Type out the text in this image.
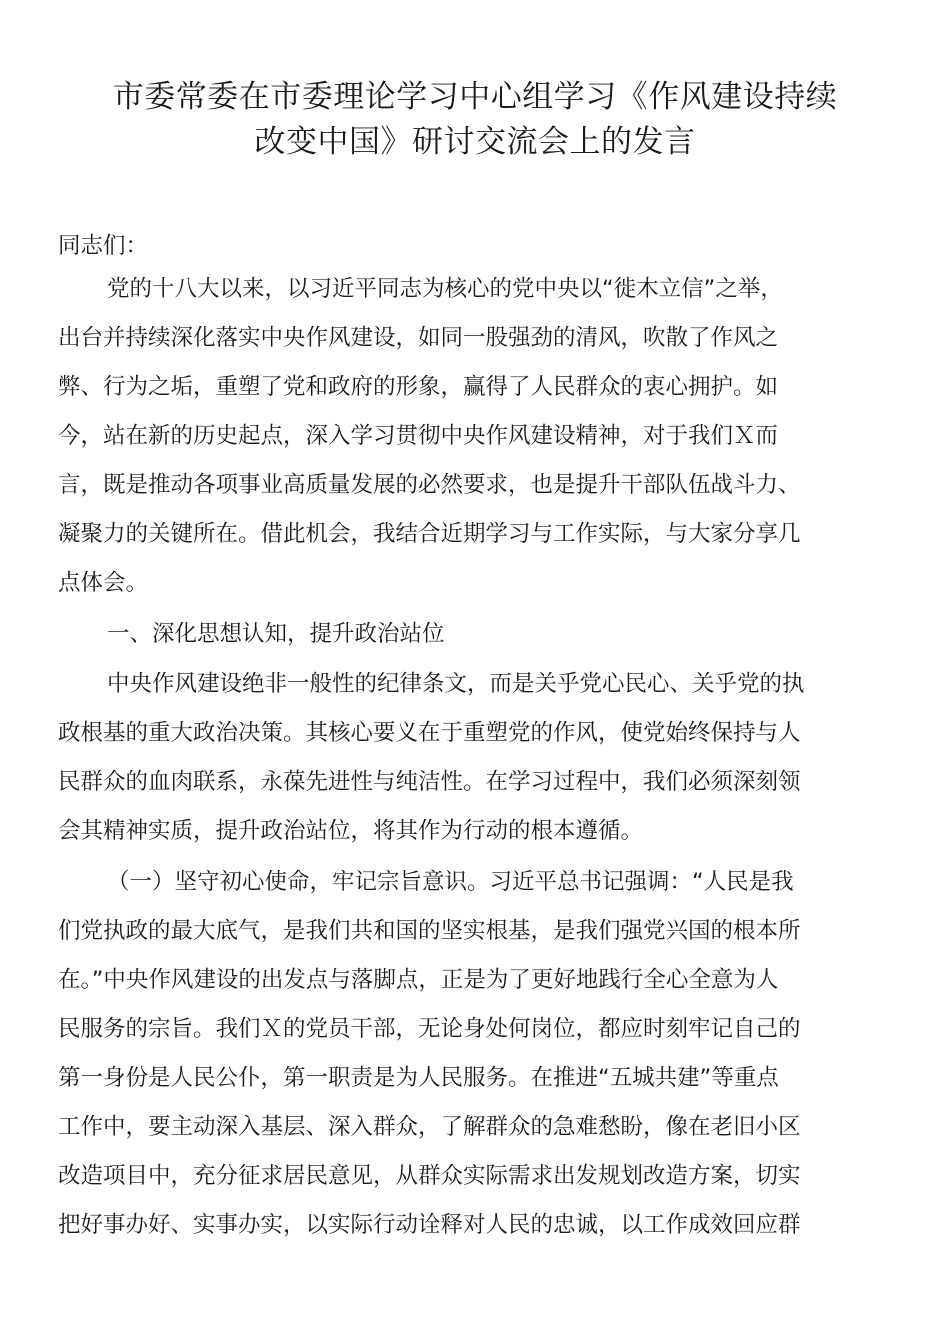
市委常委在市委理论学习中心组学习《作风建设持续
改变中国》研讨交流会上的发言

同志们：

党的十八大以来，以习近平同志为核心的党中央以“徙木立信”之举，

出台并持续深化落实中央作风建设，如同一股强劲的清风，吹散了作风之

弊、行为之垢，重塑了党和政府的形象，赢得了人民群众的衷心拥护。如

今，站在新的历史起点，深入学习贯彻中央作风建设精神，对于我们Ｘ而

言，既是推动各项事业高质量发展的必然要求，也是提升干部队伍战斗力、

凝聚力的关键所在。借此机会，我结合近期学习与工作实际，与大家分享几

点体会。

一、深化思想认知，提升政治站位

中央作风建设绝非一般性的纪律条文，而是关乎党心民心、关乎党的执

政根基的重大政治决策。其核心要义在于重塑党的作风，使党始终保持与人

民群众的血肉联系，永葆先进性与纯洁性。在学习过程中，我们必须深刻领

会其精神实质，提升政治站位，将其作为行动的根本遵循。

（一）坚守初心使命，牢记宗旨意识。习近平总书记强调：“人民是我

们党执政的最大底气，是我们共和国的坚实根基，是我们强党兴国的根本所

在。”中央作风建设的出发点与落脚点，正是为了更好地践行全心全意为人

民服务的宗旨。我们Ｘ的党员干部，无论身处何岗位，都应时刻牢记自己的

第一身份是人民公仆，第一职责是为人民服务。在推进“五城共建”等重点

工作中，要主动深入基层、深入群众，了解群众的急难愁盼，像在老旧小区

改造项目中，充分征求居民意见，从群众实际需求出发规划改造方案，切实

把好事办好、实事办实，以实际行动诠释对人民的忠诚，以工作成效回应群
